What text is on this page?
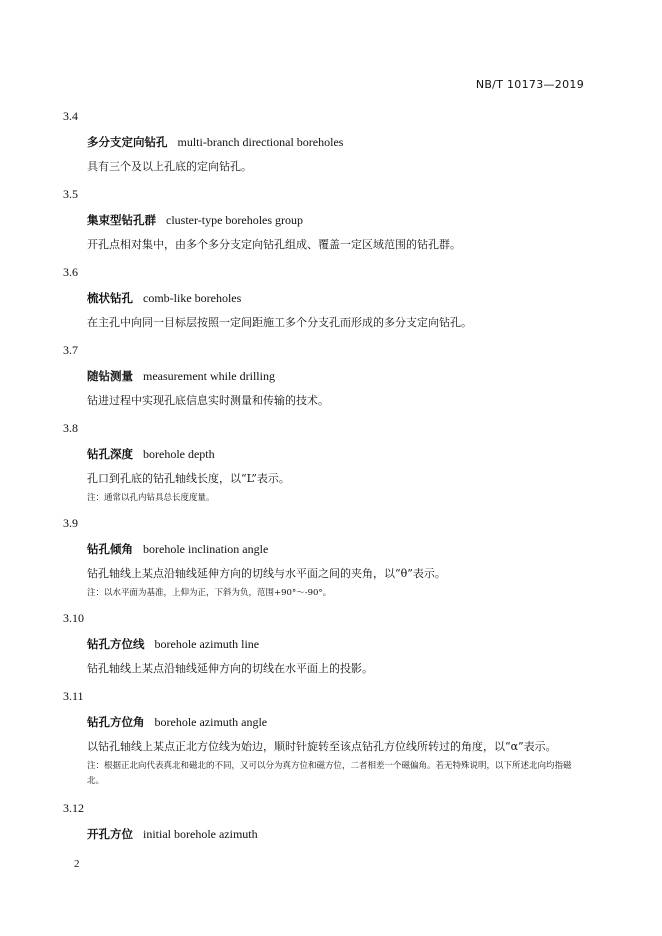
NB/T 10173—2019
3.4
多分支定向钻孔 multi-branch directional boreholes
具有三个及以上孔底的定向钻孔。
3.5
集束型钻孔群 cluster-type boreholes group
开孔点相对集中，由多个多分支定向钻孔组成、覆盖一定区域范围的钻孔群。
3.6
梳状钻孔 comb-like boreholes
在主孔中向同一目标层按照一定间距施工多个分支孔而形成的多分支定向钻孔。
3.7
随钻测量 measurement while drilling
钻进过程中实现孔底信息实时测量和传输的技术。
3.8
钻孔深度 borehole depth
孔口到孔底的钻孔轴线长度，以“L”表示。
注：通常以孔内钻具总长度度量。
3.9
钻孔倾角 borehole inclination angle
钻孔轴线上某点沿轴线延伸方向的切线与水平面之间的夹角，以“θ”表示。
注：以水平面为基准，上仰为正，下斜为负，范围+90°～-90°。
3.10
钻孔方位线 borehole azimuth line
钻孔轴线上某点沿轴线延伸方向的切线在水平面上的投影。
3.11
钻孔方位角 borehole azimuth angle
以钻孔轴线上某点正北方位线为始边，顺时针旋转至该点钻孔方位线所转过的角度，以“α”表示。
注：根据正北向代表真北和磁北的不同，又可以分为真方位和磁方位，二者相差一个磁偏角。若无特殊说明，以下所述北向均指磁北。
3.12
开孔方位 initial borehole azimuth
2
